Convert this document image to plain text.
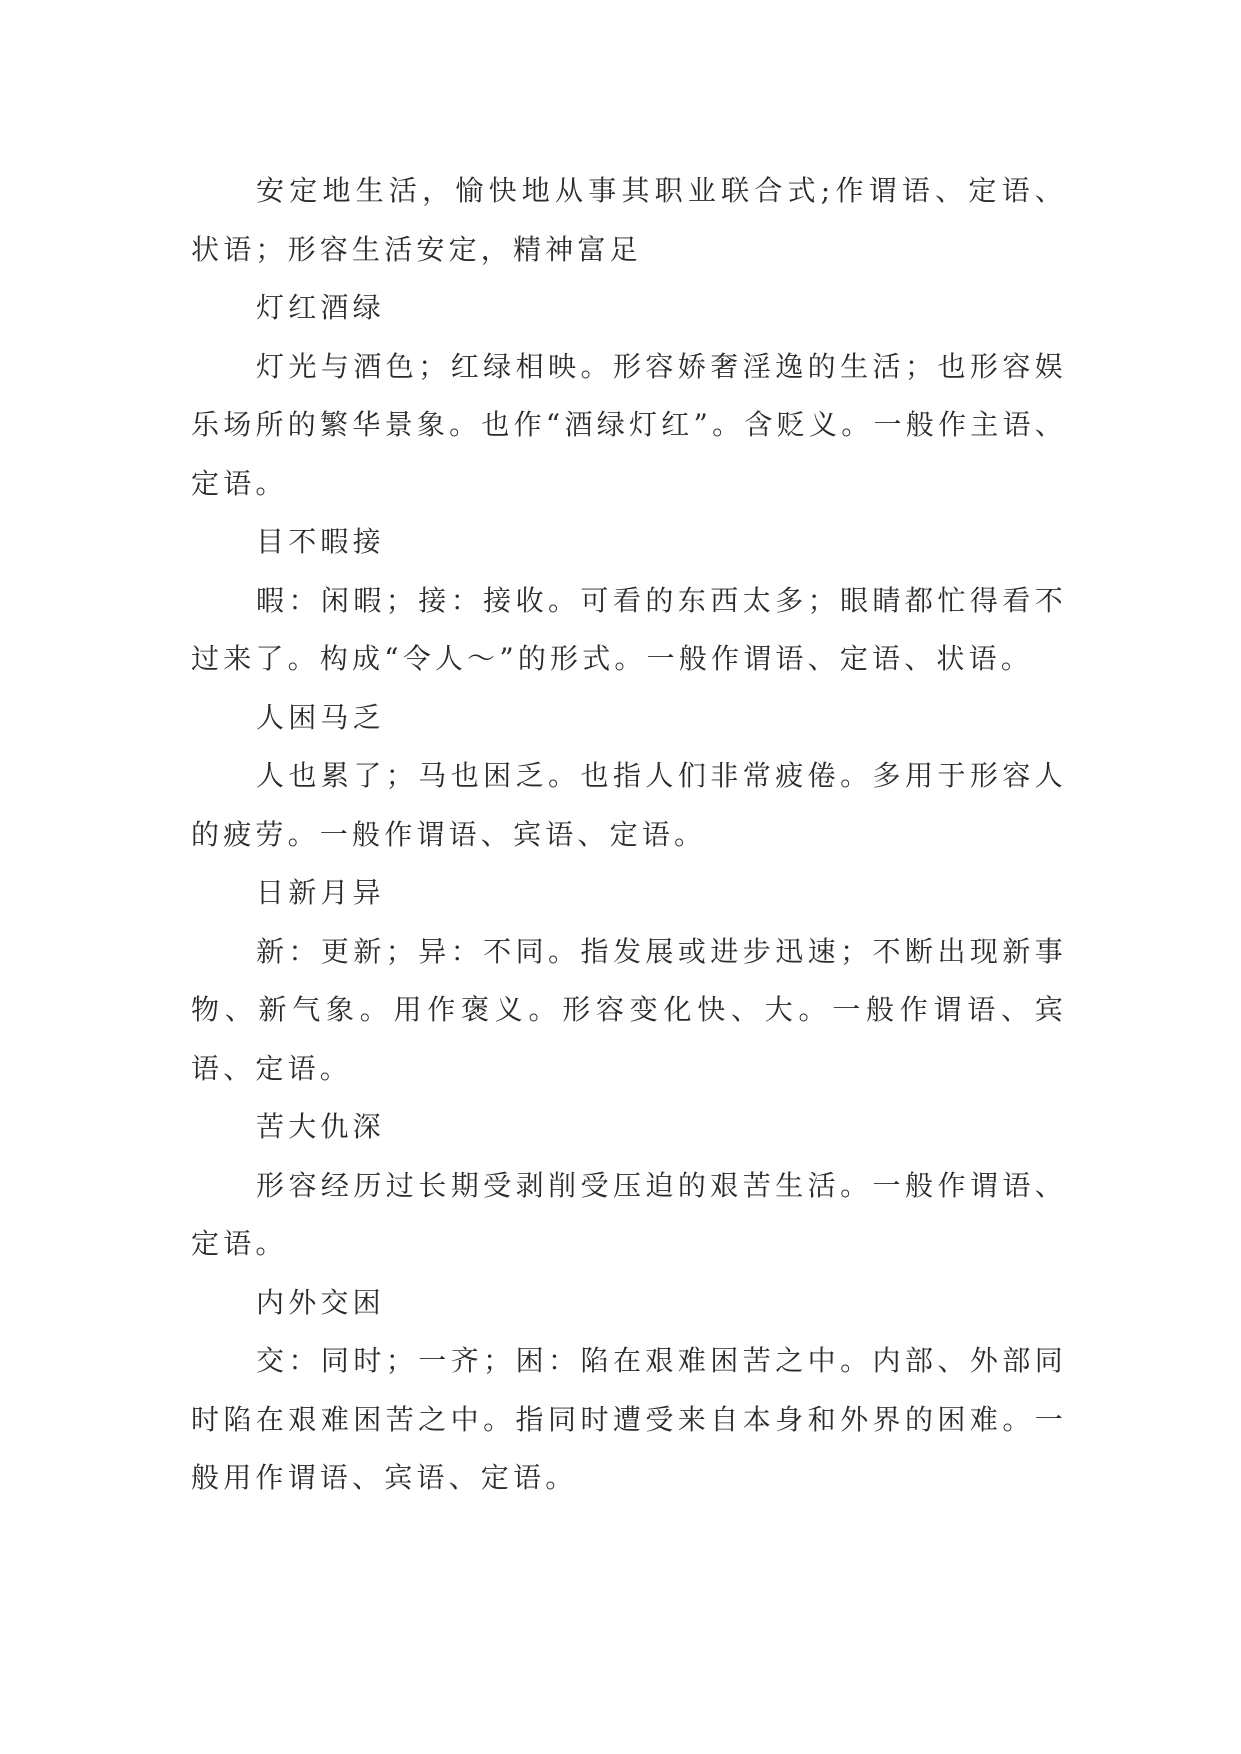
安定地生活，愉快地从事其职业联合式;作谓语、定语、状语；形容生活安定，精神富足

灯红酒绿

灯光与酒色；红绿相映。形容娇奢淫逸的生活；也形容娱乐场所的繁华景象。也作“酒绿灯红”。含贬义。一般作主语、定语。

目不暇接

暇：闲暇；接：接收。可看的东西太多；眼睛都忙得看不过来了。构成“令人～”的形式。一般作谓语、定语、状语。

人困马乏

人也累了；马也困乏。也指人们非常疲倦。多用于形容人的疲劳。一般作谓语、宾语、定语。

日新月异

新：更新；异：不同。指发展或进步迅速；不断出现新事物、新气象。用作褒义。形容变化快、大。一般作谓语、宾语、定语。

苦大仇深

形容经历过长期受剥削受压迫的艰苦生活。一般作谓语、定语。

内外交困

交：同时；一齐；困：陷在艰难困苦之中。内部、外部同时陷在艰难困苦之中。指同时遭受来自本身和外界的困难。一般用作谓语、宾语、定语。
